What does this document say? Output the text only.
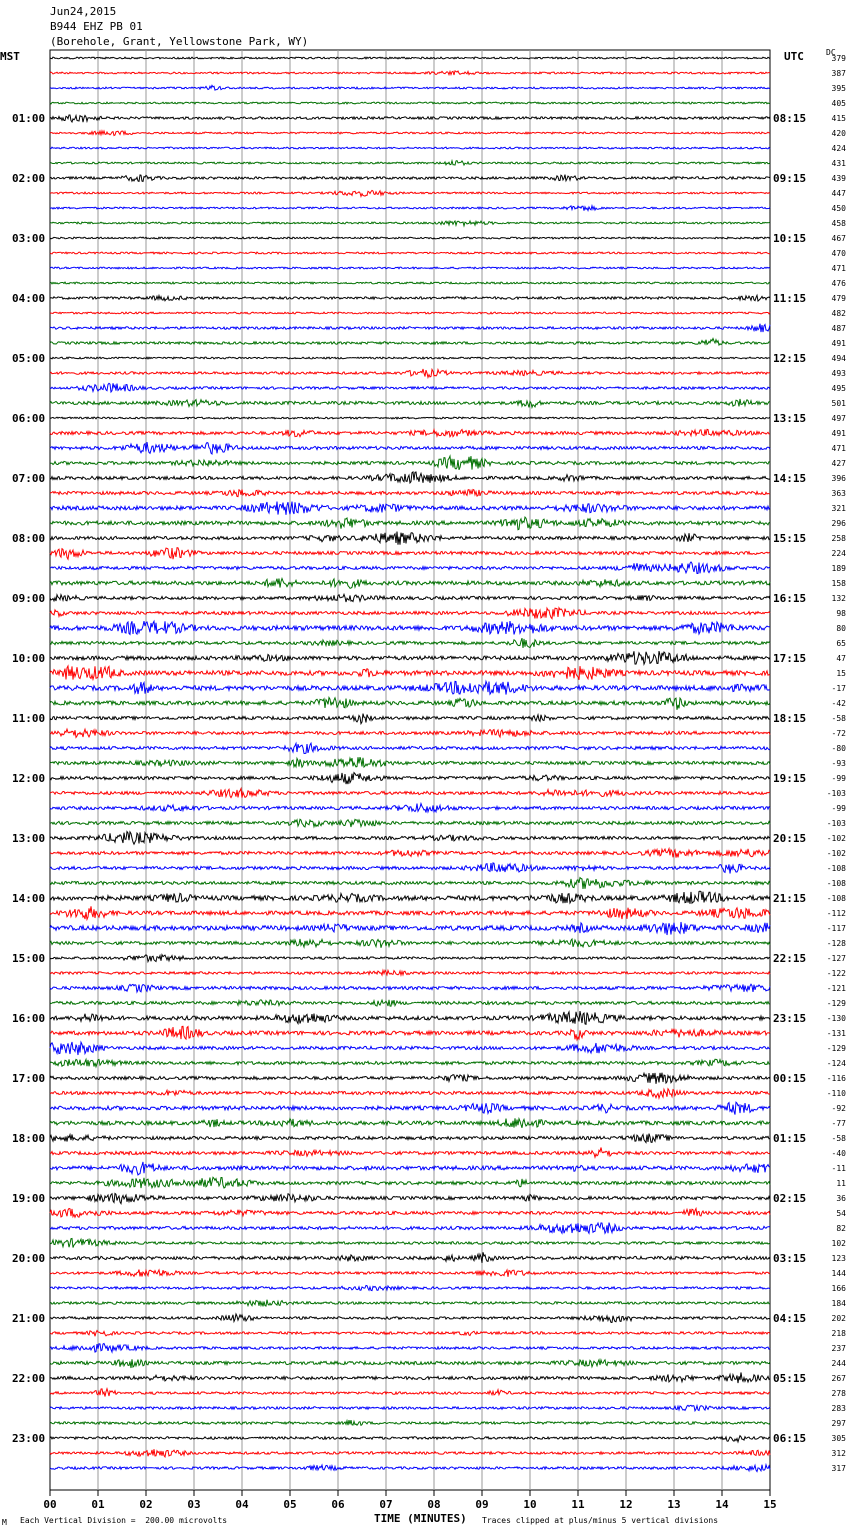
Jun24,2015
B944 EHZ PB 01
(Borehole, Grant, Yellowstone Park, WY)
MST	UTC	DC
00	01	02	03	04	05	06	07	08	09	10	11	12	13	14	15
379
387
395
405
415
420
424
431
439
447
450
458
467
470
471
476
479
482
487
491
494
493
495
501
497
491
471
427
396
363
321
296
258
224
189
158
132
98
80
65
47
15
-17
-42
-58
-72
-80
-93
-99
-103
-99
-103
-102
-102
-108
-108
-108
-112
-117
-128
-127
-122
-121
-129
-130
-131
-129
-124
-116
-110
-92
-77
-58
-40
-11
11
36
54
82
102
123
144
166
184
202
218
237
244
267
278
283
297
305
312
317
01:00
02:00
03:00
04:00
05:00
06:00
07:00
08:00
09:00
10:00
11:00
12:00
13:00
14:00
15:00
16:00
17:00
18:00
19:00
20:00
21:00
22:00
23:00
08:15
09:15
10:15
11:15
12:15
13:15
14:15
15:15
16:15
17:15
18:15
19:15
20:15
21:15
22:15
23:15
00:15
01:15
02:15
03:15
04:15
05:15
06:15
M Each Vertical Division =  200.00 microvolts	Traces clipped at plus/minus 5 vertical divisions
TIME (MINUTES)
